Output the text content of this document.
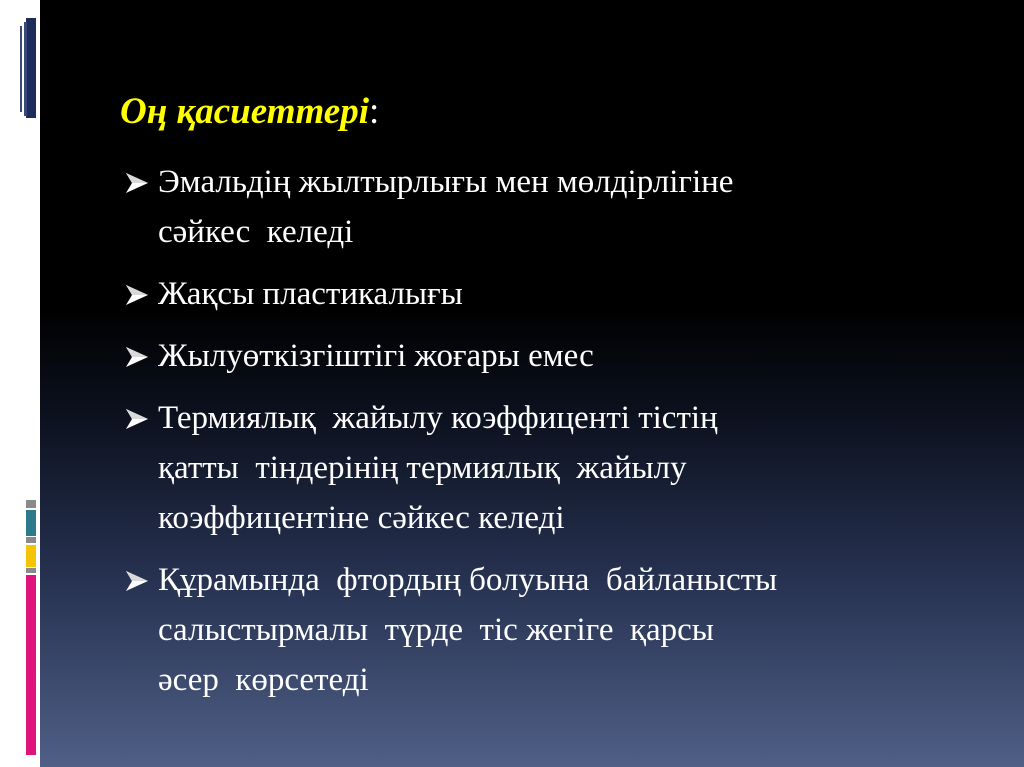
Оң қасиеттері:
Эмальдің жылтырлығы мен мөлдірлігіне
сәйкес  келеді
Жақсы пластикалығы
Жылуөткізгіштігі жоғары емес
Термиялық  жайылу коэффиценті тістің
қатты  тіндерінің термиялық  жайылу
коэффицентіне сәйкес келеді
Құрамында  фтордың болуына  байланысты
салыстырмалы  түрде  тіс жегіге  қарсы
әсер  көрсетеді
